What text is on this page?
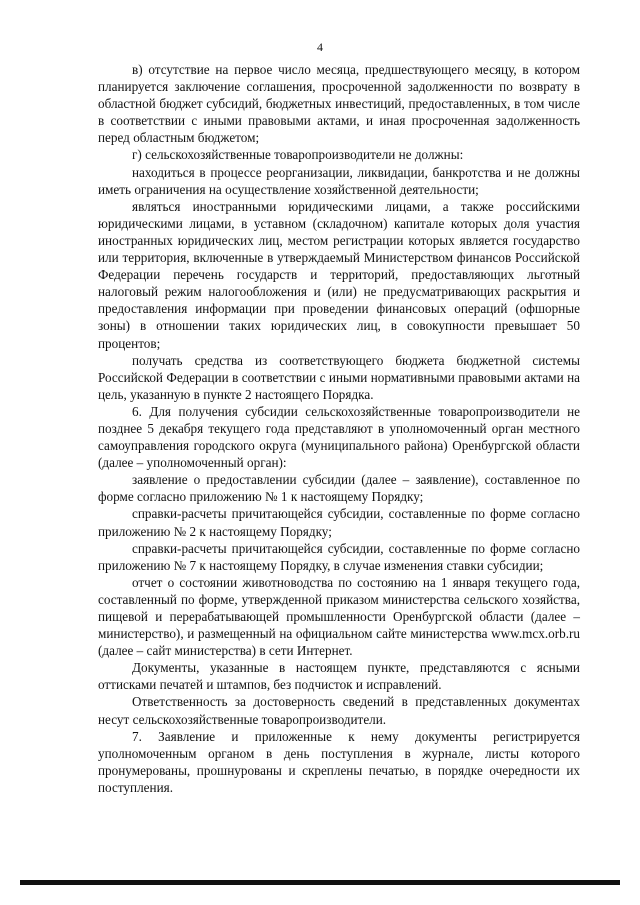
4

в) отсутствие на первое число месяца, предшествующего месяцу, в котором планируется заключение соглашения, просроченной задолженности по возврату в областной бюджет субсидий, бюджетных инвестиций, предоставленных, в том числе в соответствии с иными правовыми актами, и иная просроченная задолженность перед областным бюджетом;

г) сельскохозяйственные товаропроизводители не должны:

находиться в процессе реорганизации, ликвидации, банкротства и не должны иметь ограничения на осуществление хозяйственной деятельности;

являться иностранными юридическими лицами, а также российскими юридическими лицами, в уставном (складочном) капитале которых доля участия иностранных юридических лиц, местом регистрации которых является государство или территория, включенные в утверждаемый Министерством финансов Российской Федерации перечень государств и территорий, предоставляющих льготный налоговый режим налогообложения и (или) не предусматривающих раскрытия и предоставления информации при проведении финансовых операций (офшорные зоны) в отношении таких юридических лиц, в совокупности превышает 50 процентов;

получать средства из соответствующего бюджета бюджетной системы Российской Федерации в соответствии с иными нормативными правовыми актами на цель, указанную в пункте 2 настоящего Порядка.

6. Для получения субсидии сельскохозяйственные товаропроизводители не позднее 5 декабря текущего года представляют в уполномоченный орган местного самоуправления городского округа (муниципального района) Оренбургской области (далее – уполномоченный орган):

заявление о предоставлении субсидии (далее – заявление), составленное по форме согласно приложению № 1 к настоящему Порядку;

справки-расчеты причитающейся субсидии, составленные по форме согласно приложению № 2 к настоящему Порядку;

справки-расчеты причитающейся субсидии, составленные по форме согласно приложению № 7 к настоящему Порядку, в случае изменения ставки субсидии;

отчет о состоянии животноводства по состоянию на 1 января текущего года, составленный по форме, утвержденной приказом министерства сельского хозяйства, пищевой и перерабатывающей промышленности Оренбургской области (далее – министерство), и размещенный на официальном сайте министерства www.mcx.orb.ru (далее – сайт министерства) в сети Интернет.

Документы, указанные в настоящем пункте, представляются с ясными оттисками печатей и штампов, без подчисток и исправлений.

Ответственность за достоверность сведений в представленных документах несут сельскохозяйственные товаропроизводители.

7. Заявление и приложенные к нему документы регистрируется уполномоченным органом в день поступления в журнале, листы которого пронумерованы, прошнурованы и скреплены печатью, в порядке очередности их поступления.
